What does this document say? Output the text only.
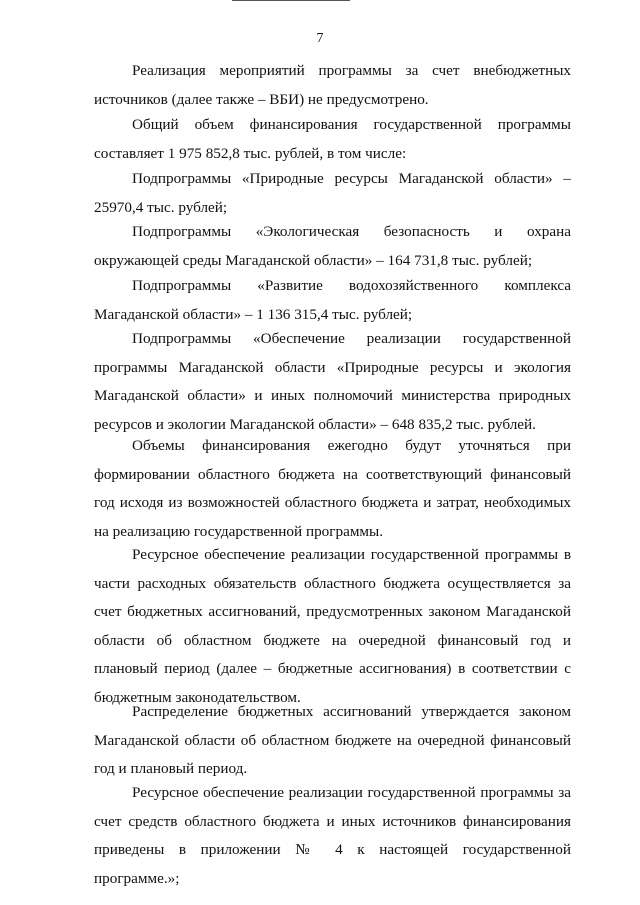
7

Реализация мероприятий программы за счет внебюджетных источников (далее также – ВБИ) не предусмотрено.

Общий объем финансирования государственной программы составляет 1 975 852,8 тыс. рублей, в том числе:

Подпрограммы «Природные ресурсы Магаданской области» – 25970,4 тыс. рублей;

Подпрограммы «Экологическая безопасность и охрана окружающей среды Магаданской области» – 164 731,8 тыс. рублей;

Подпрограммы «Развитие водохозяйственного комплекса Магаданской области» – 1 136 315,4 тыс. рублей;

Подпрограммы «Обеспечение реализации государственной программы Магаданской области «Природные ресурсы и экология Магаданской области» и иных полномочий министерства природных ресурсов и экологии Магаданской области» – 648 835,2 тыс. рублей.

Объемы финансирования ежегодно будут уточняться при формировании областного бюджета на соответствующий финансовый год исходя из возможностей областного бюджета и затрат, необходимых на реализацию государственной программы.

Ресурсное обеспечение реализации государственной программы в части расходных обязательств областного бюджета осуществляется за счет бюджетных ассигнований, предусмотренных законом Магаданской области об областном бюджете на очередной финансовый год и плановый период (далее – бюджетные ассигнования) в соответствии с бюджетным законодательством.

Распределение бюджетных ассигнований утверждается законом Магаданской области об областном бюджете на очередной финансовый год и плановый период.

Ресурсное обеспечение реализации государственной программы за счет средств областного бюджета и иных источников финансирования приведены в приложении № 4 к настоящей государственной программе.»;
